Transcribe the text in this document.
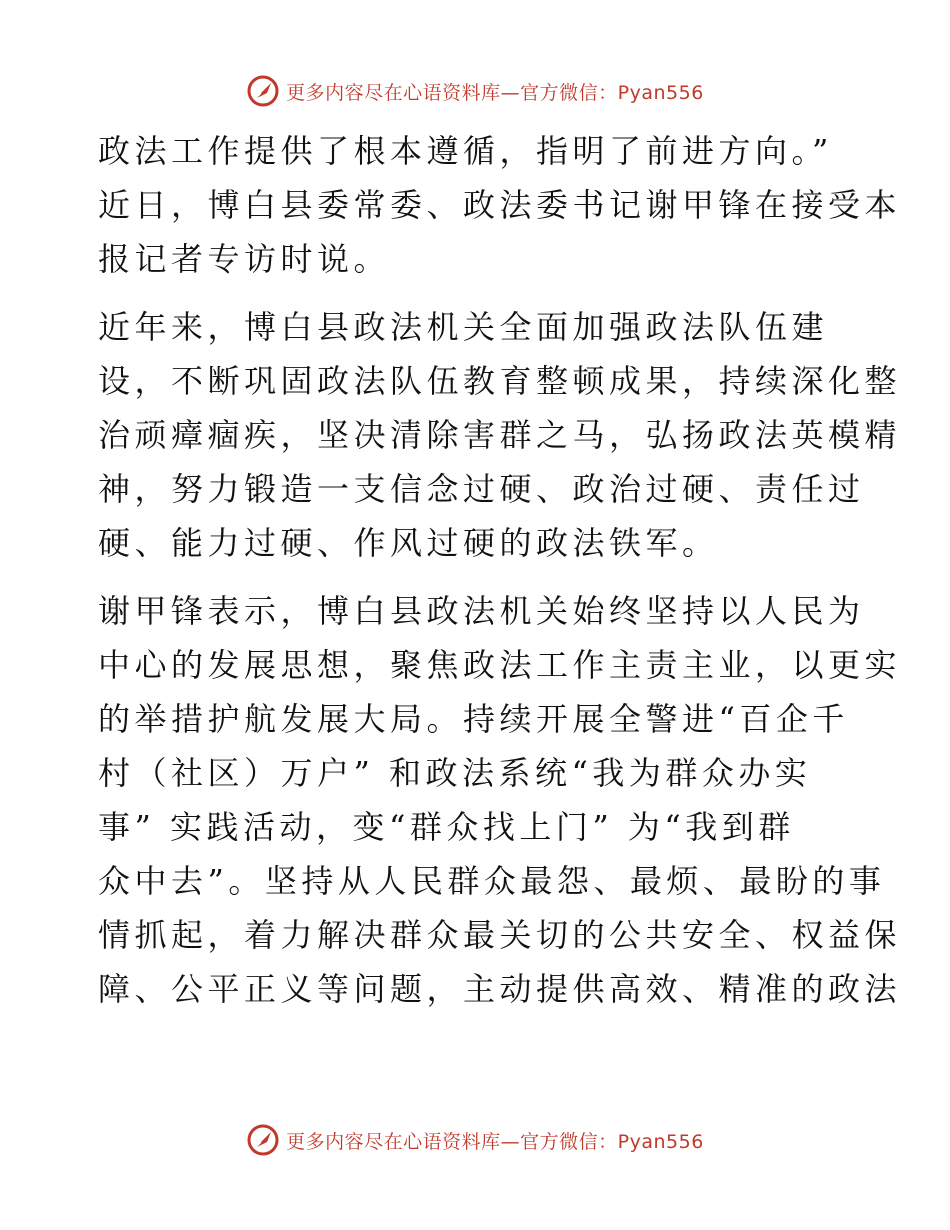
更多内容尽在心语资料库—官方微信：Pyan556

政法工作提供了根本遵循，指明了前进方向。”
近日，博白县委常委、政法委书记谢甲锋在接受本
报记者专访时说。

近年来，博白县政法机关全面加强政法队伍建
设，不断巩固政法队伍教育整顿成果，持续深化整
治顽瘴痼疾，坚决清除害群之马，弘扬政法英模精
神，努力锻造一支信念过硬、政治过硬、责任过
硬、能力过硬、作风过硬的政法铁军。

谢甲锋表示，博白县政法机关始终坚持以人民为
中心的发展思想，聚焦政法工作主责主业，以更实
的举措护航发展大局。持续开展全警进“百企千
村（社区）万户” 和政法系统“我为群众办实
事” 实践活动，变“群众找上门” 为“我到群
众中去”。坚持从人民群众最怨、最烦、最盼的事
情抓起，着力解决群众最关切的公共安全、权益保
障、公平正义等问题，主动提供高效、精准的政法

更多内容尽在心语资料库—官方微信：Pyan556
